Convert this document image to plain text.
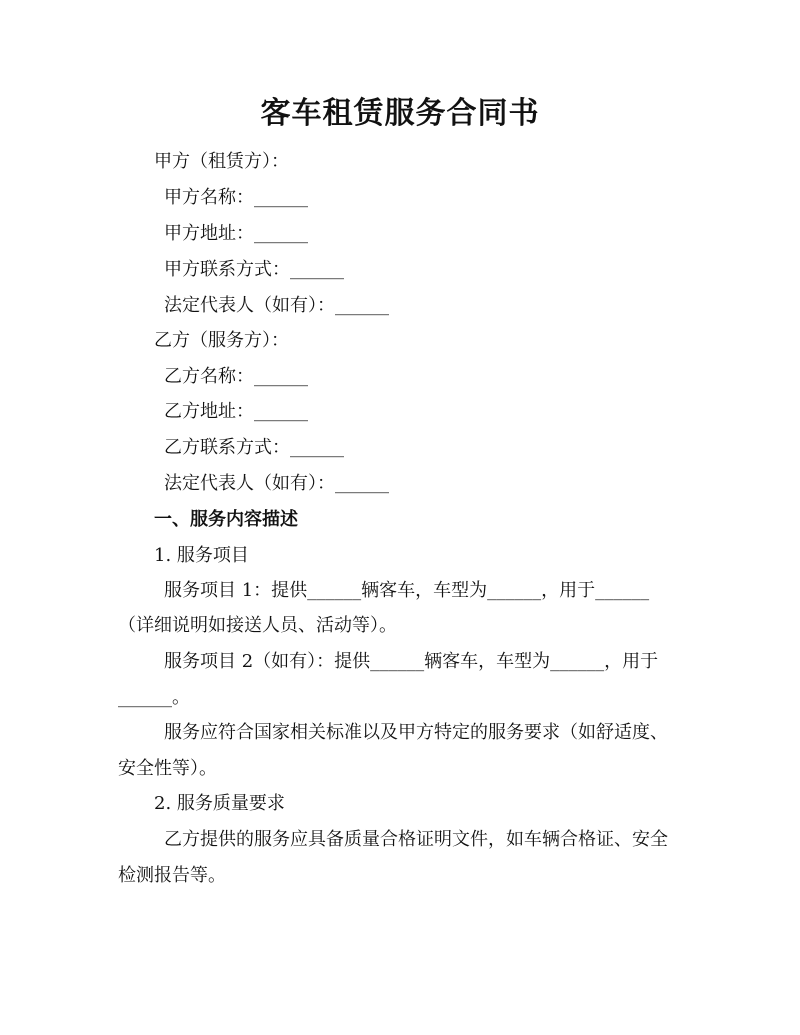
客车租赁服务合同书
甲方（租赁方）：
甲方名称：______
甲方地址：______
甲方联系方式：______
法定代表人（如有）：______
乙方（服务方）：
乙方名称：______
乙方地址：______
乙方联系方式：______
法定代表人（如有）：______
一、服务内容描述
1. 服务项目
服务项目 1：提供______辆客车，车型为______，用于______
（详细说明如接送人员、活动等）。
服务项目 2（如有）：提供______辆客车，车型为______，用于
______。
服务应符合国家相关标准以及甲方特定的服务要求（如舒适度、
安全性等）。
2. 服务质量要求
乙方提供的服务应具备质量合格证明文件，如车辆合格证、安全
检测报告等。
